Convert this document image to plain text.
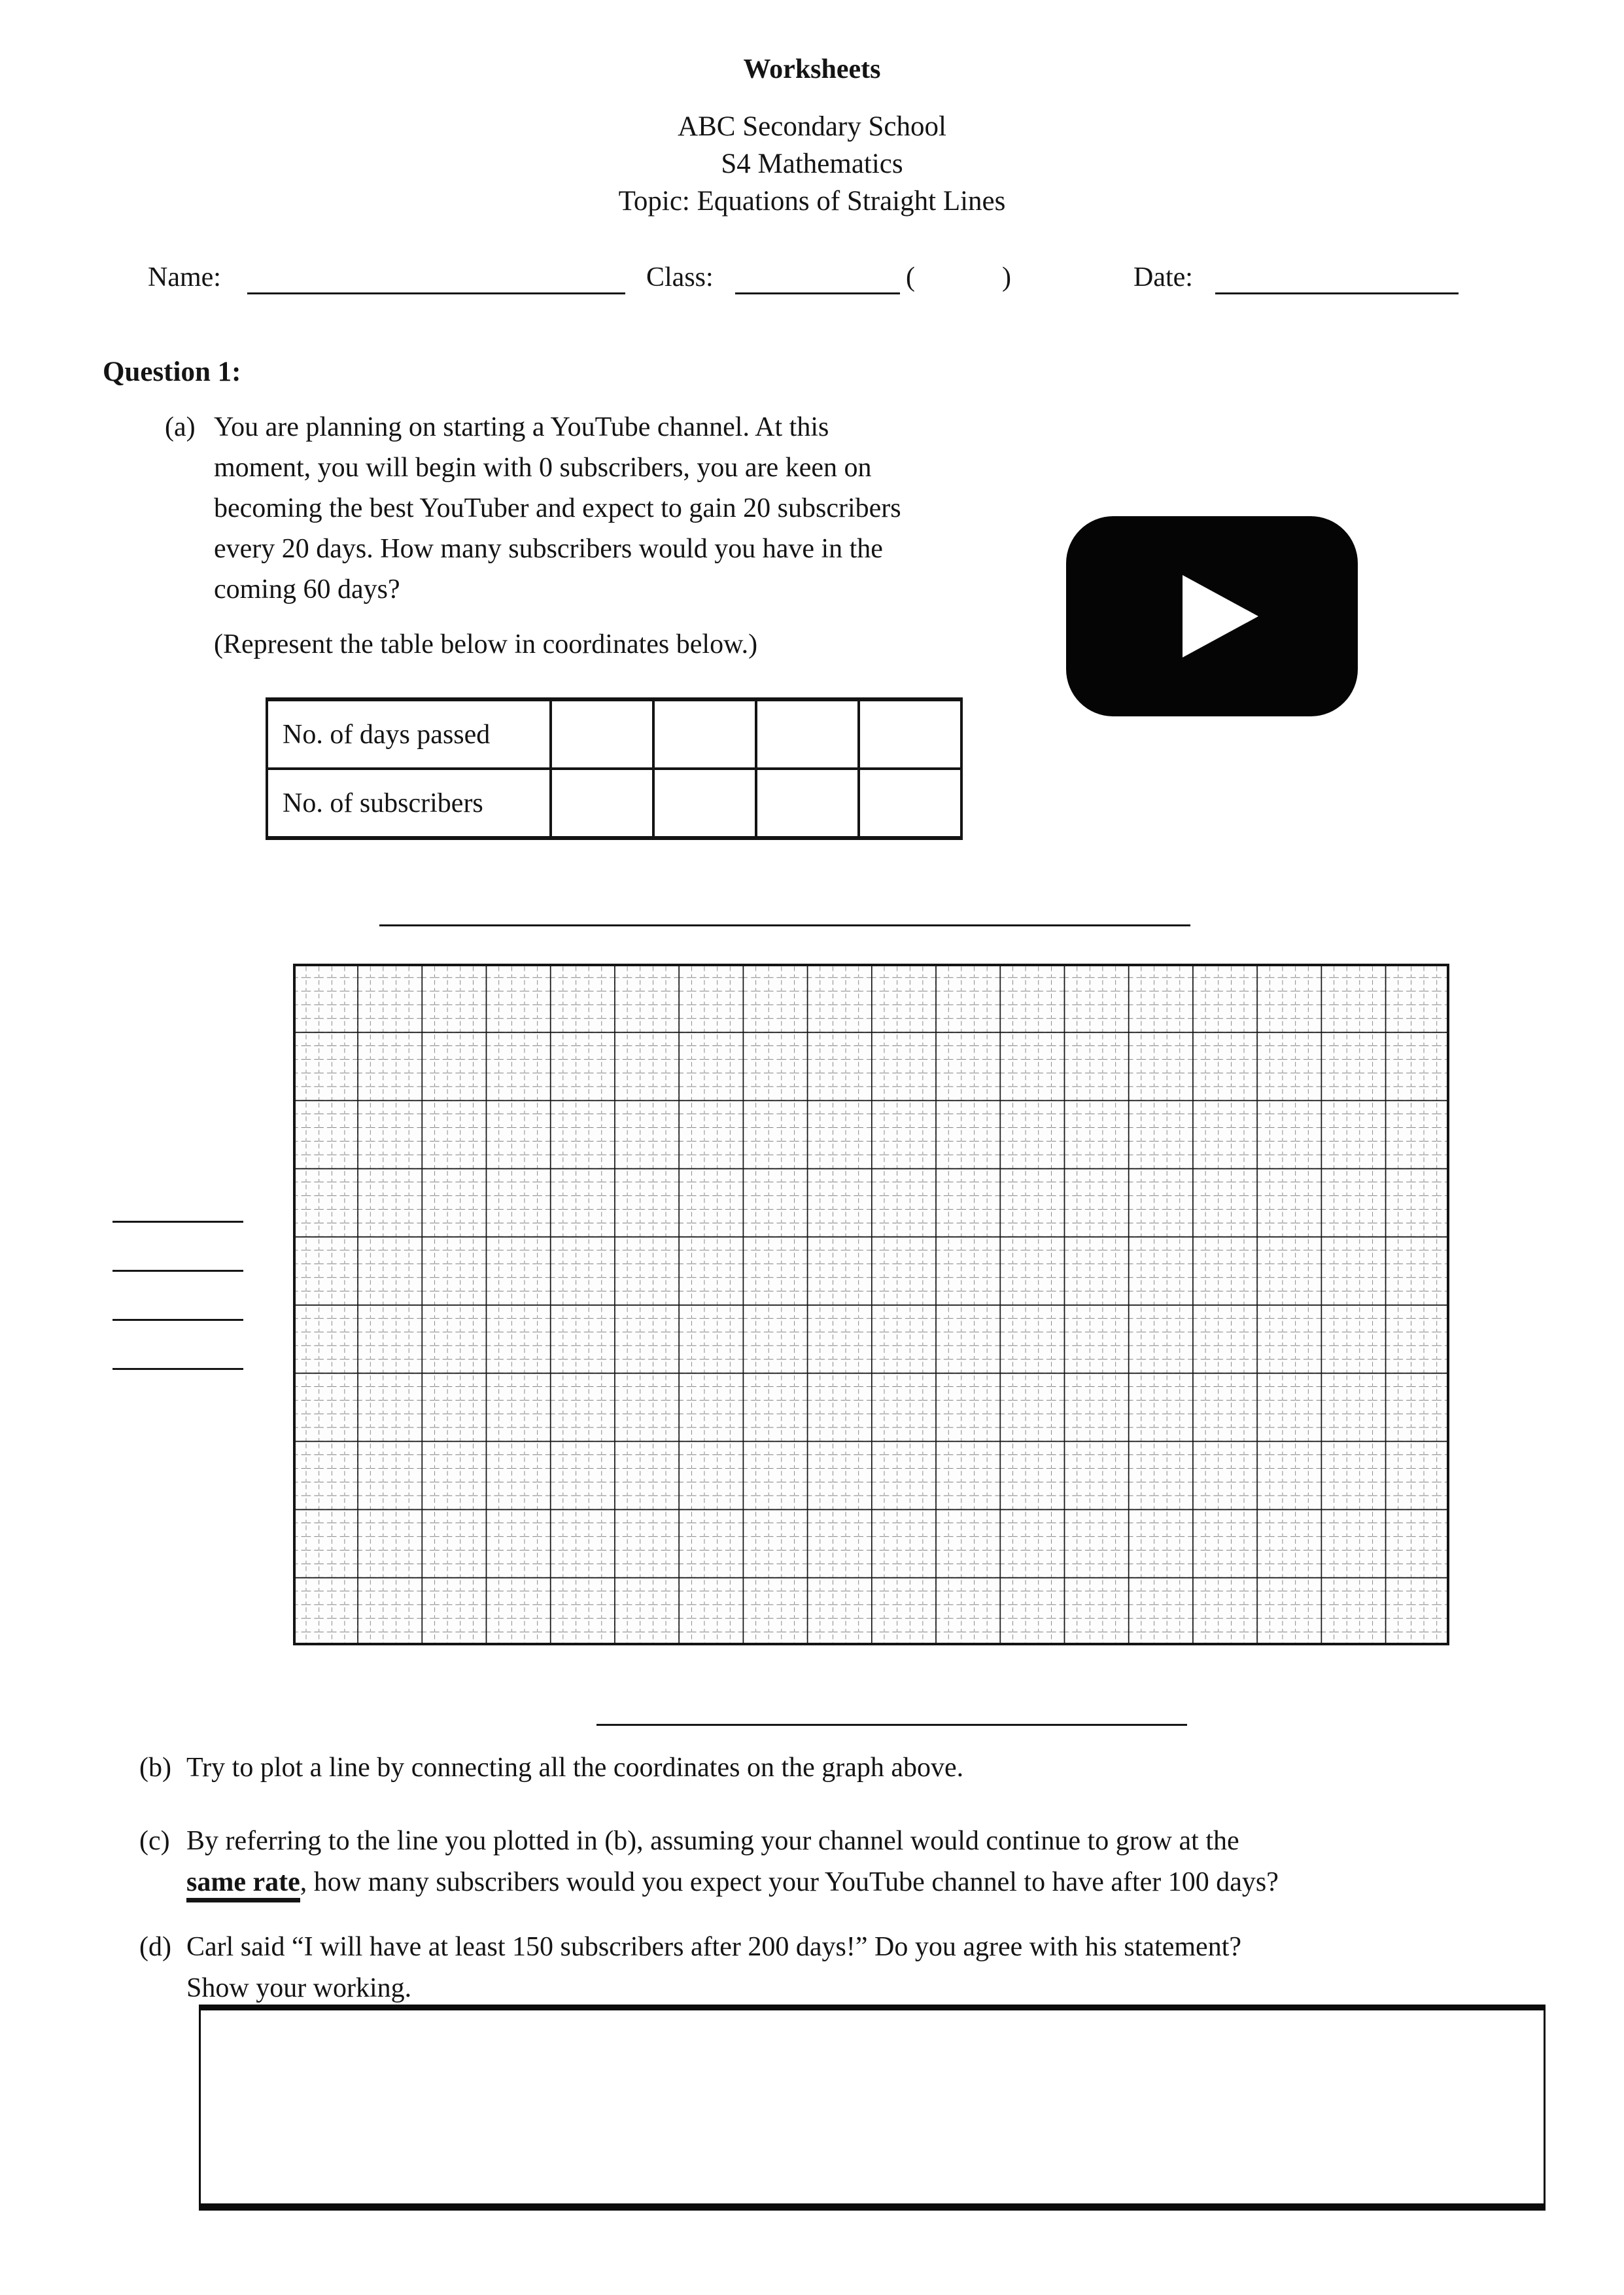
Worksheets
ABC Secondary School
S4 Mathematics
Topic: Equations of Straight Lines
Name:	Class:	(	)	Date:
Question 1:
(a) You are planning on starting a YouTube channel. At this
moment, you will begin with 0 subscribers, you are keen on
becoming the best YouTuber and expect to gain 20 subscribers
every 20 days. How many subscribers would you have in the
coming 60 days?
(Represent the table below in coordinates below.)
No. of days passed				
No. of subscribers				
(b) Try to plot a line by connecting all the coordinates on the graph above.
(c) By referring to the line you plotted in (b), assuming your channel would continue to grow at the
same rate, how many subscribers would you expect your YouTube channel to have after 100 days?
(d) Carl said “I will have at least 150 subscribers after 200 days!” Do you agree with his statement?
Show your working.
